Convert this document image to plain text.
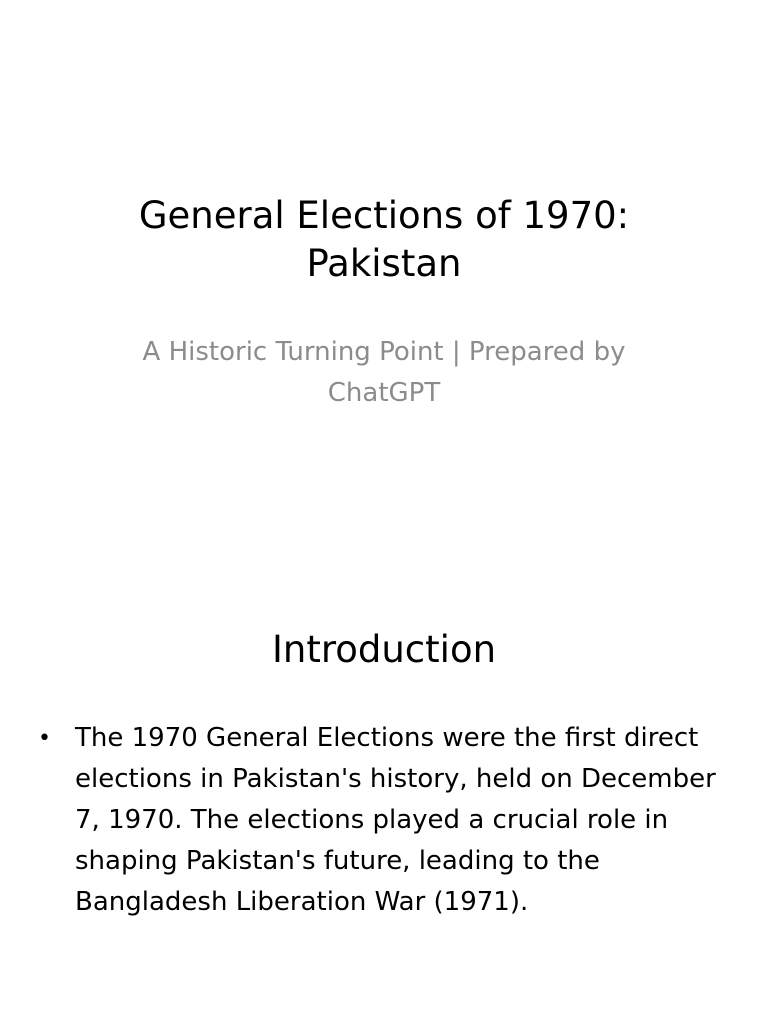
General Elections of 1970: Pakistan
A Historic Turning Point | Prepared by ChatGPT
Introduction
• The 1970 General Elections were the first direct elections in Pakistan's history, held on December 7, 1970. The elections played a crucial role in shaping Pakistan's future, leading to the Bangladesh Liberation War (1971).
